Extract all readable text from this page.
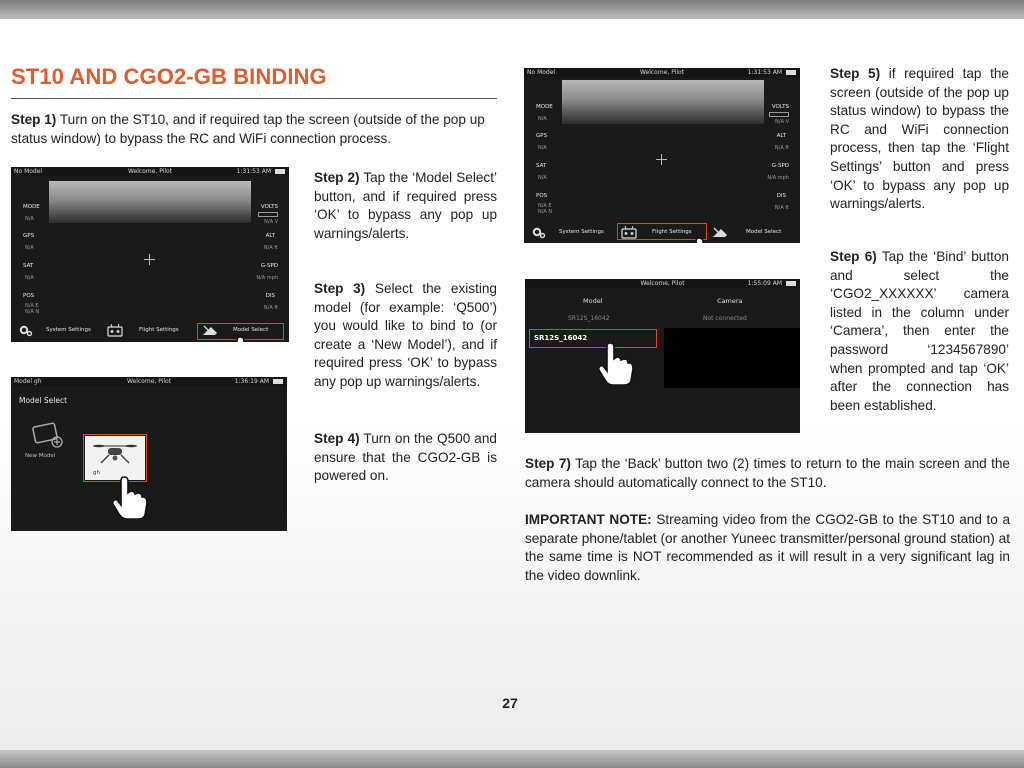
ST10 AND CGO2-GB BINDING
Step 1) Turn on the ST10, and if required tap the screen (outside of the pop up status window) to bypass the RC and WiFi connection process.
No Model	Welcome, Pilot	1:31:53 AM
MODE
N/A
GPS
N/A
SAT
N/A
POS
N/A E
N/A N
VOLTS
N/A V
ALT
N/A ft
G-SPD
N/A mph
DIS
N/A ft
System Settings	Flight Settings	Model Select
Step 2) Tap the ‘Model Select’ button, and if required press ‘OK’ to bypass any pop up warnings/alerts.
Step 3) Select the existing model (for example: ‘Q500’) you would like to bind to (or create a ‘New Model’), and if required press ‘OK’ to bypass any pop up warnings/alerts.
Step 4) Turn on the Q500 and ensure that the CGO2-GB is powered on.
Model gh	Welcome, Pilot	1:36:19 AM
Model Select
New Model
gh
No Model	Welcome, Pilot	1:31:53 AM
MODE
N/A
GPS
N/A
SAT
N/A
POS
N/A E
N/A N
VOLTS
N/A V
ALT
N/A ft
G-SPD
N/A mph
DIS
N/A ft
System Settings	Flight Settings	Model Select
Step 5) if required tap the screen (outside of the pop up status window) to bypass the RC and WiFi connection process, then tap the ‘Flight Settings’ button and press ‘OK’ to bypass any pop up warnings/alerts.
Step 6) Tap the ‘Bind’ button and select the ‘CGO2_XXXXXX’ camera listed in the column under ‘Camera’, then enter the password ‘1234567890’ when prompted and tap ‘OK’ after the connection has been established.
Welcome, Pilot	1:55:09 AM
Model	Camera
SR12S_16042	Not connected
SR12S_16042
Step 7) Tap the ‘Back’ button two (2) times to return to the main screen and the camera should automatically connect to the ST10.
IMPORTANT NOTE: Streaming video from the CGO2-GB to the ST10 and to a separate phone/tablet (or another Yuneec transmitter/personal ground station) at the same time is NOT recommended as it will result in a very significant lag in the video downlink.
27
